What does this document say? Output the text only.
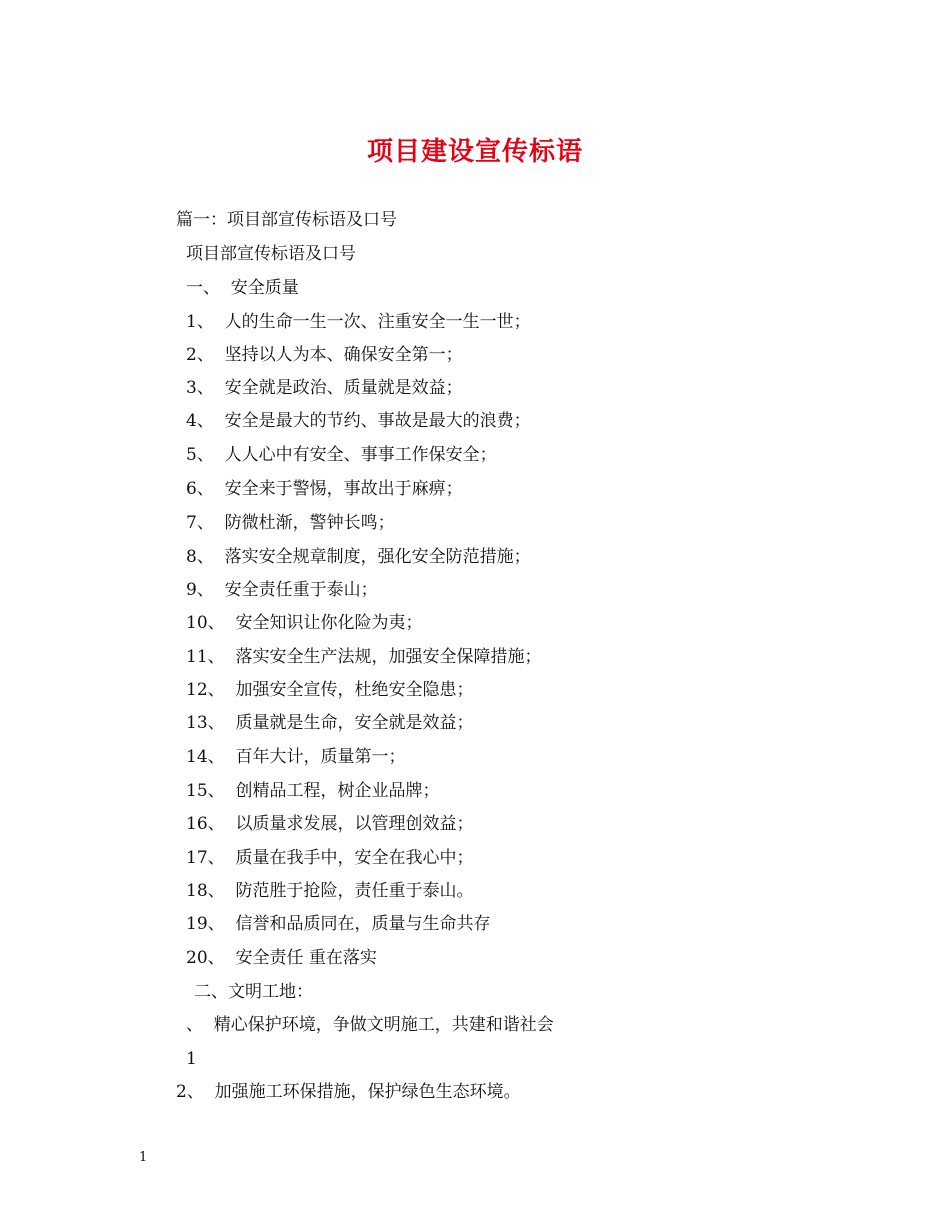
项目建设宣传标语

篇一：项目部宣传标语及口号

项目部宣传标语及口号

一、  安全质量

1、  人的生命一生一次、注重安全一生一世；

2、  坚持以人为本、确保安全第一；

3、  安全就是政治、质量就是效益；

4、  安全是最大的节约、事故是最大的浪费；

5、  人人心中有安全、事事工作保安全；

6、  安全来于警惕，事故出于麻痹；

7、  防微杜渐，警钟长鸣；

8、  落实安全规章制度，强化安全防范措施；

9、  安全责任重于泰山；

10、  安全知识让你化险为夷；

11、  落实安全生产法规，加强安全保障措施；

12、  加强安全宣传，杜绝安全隐患；

13、  质量就是生命，安全就是效益；

14、  百年大计，质量第一；

15、  创精品工程，树企业品牌；

16、  以质量求发展，以管理创效益；

17、  质量在我手中，安全在我心中；

18、  防范胜于抢险，责任重于泰山。

19、  信誉和品质同在，质量与生命共存

20、  安全责任 重在落实

二、文明工地：

、  精心保护环境，争做文明施工，共建和谐社会

1

2、  加强施工环保措施，保护绿色生态环境。

1
